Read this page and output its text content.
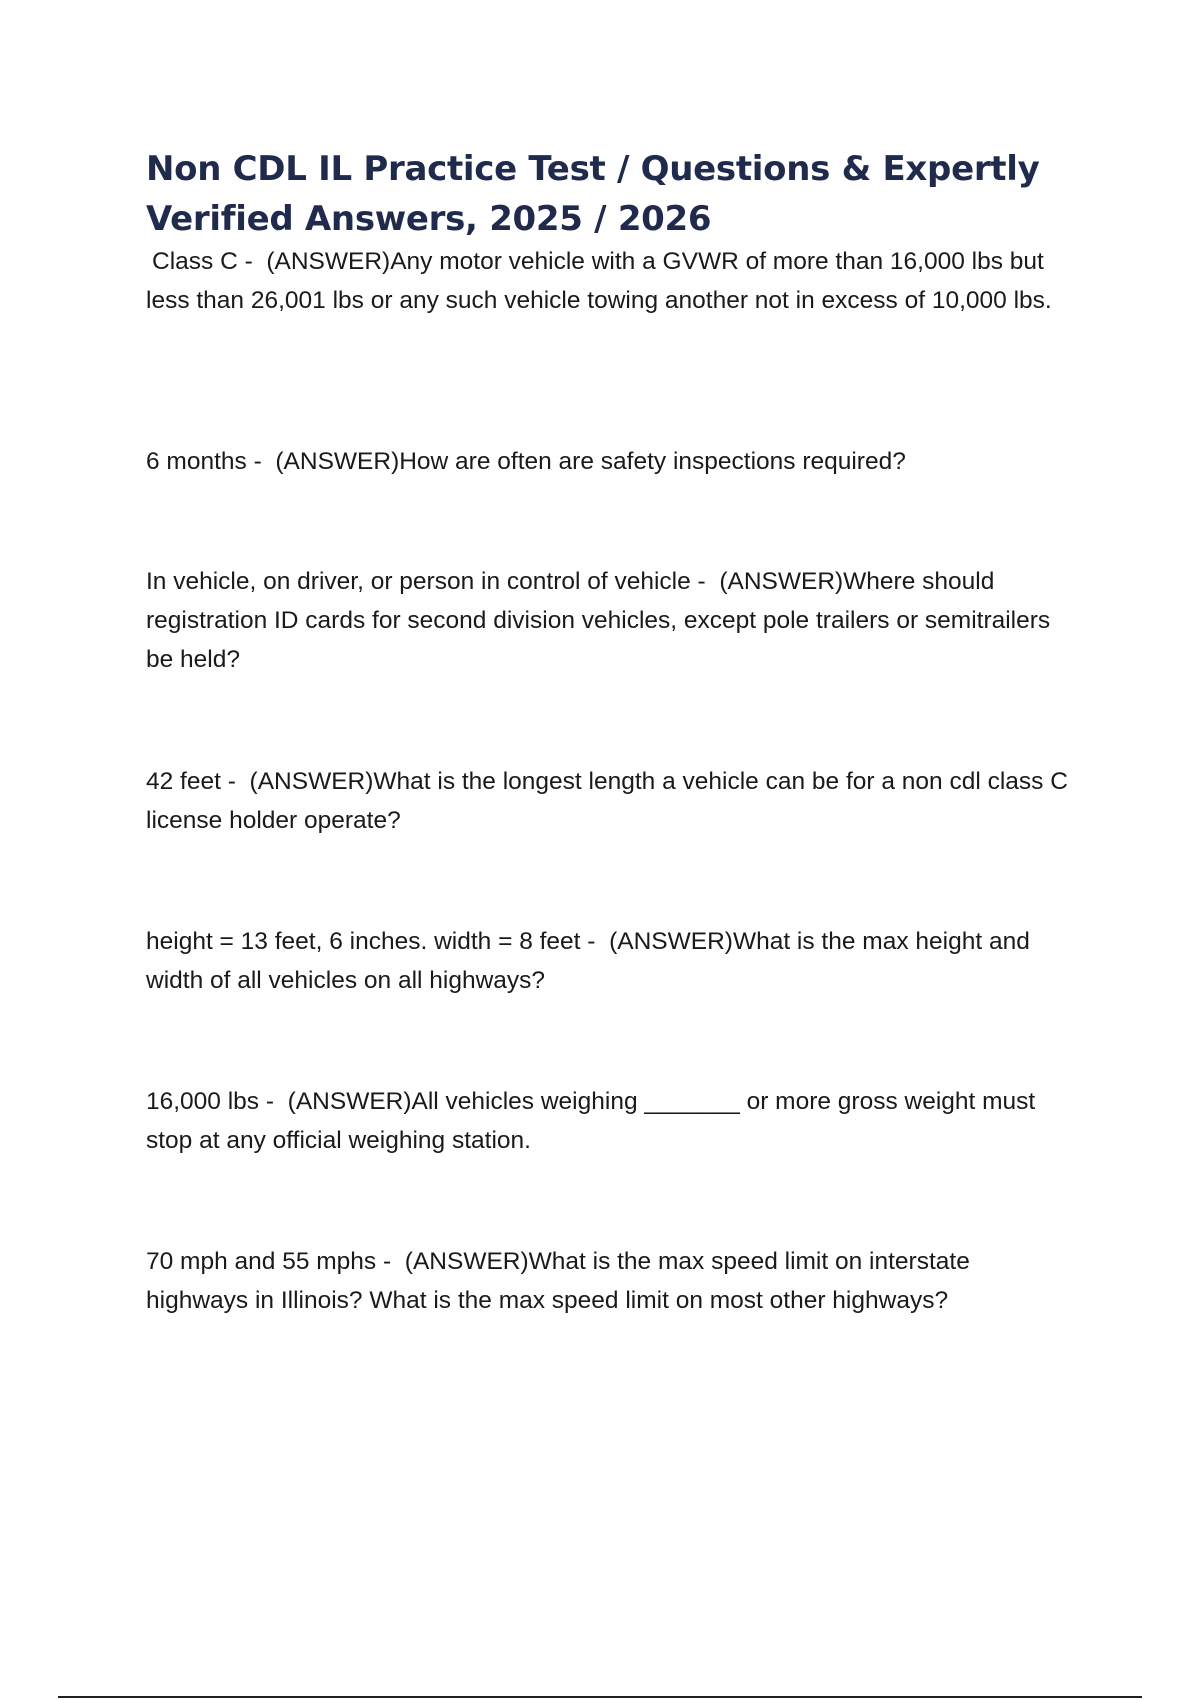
Non CDL IL Practice Test / Questions & Expertly Verified Answers, 2025 / 2026

Class C -  (ANSWER)Any motor vehicle with a GVWR of more than 16,000 lbs but less than 26,001 lbs or any such vehicle towing another not in excess of 10,000 lbs.

6 months -  (ANSWER)How are often are safety inspections required?

In vehicle, on driver, or person in control of vehicle -  (ANSWER)Where should registration ID cards for second division vehicles, except pole trailers or semitrailers be held?

42 feet -  (ANSWER)What is the longest length a vehicle can be for a non cdl class C license holder operate?

height = 13 feet, 6 inches. width = 8 feet -  (ANSWER)What is the max height and width of all vehicles on all highways?

16,000 lbs -  (ANSWER)All vehicles weighing _______ or more gross weight must stop at any official weighing station.

70 mph and 55 mphs -  (ANSWER)What is the max speed limit on interstate highways in Illinois? What is the max speed limit on most other highways?
